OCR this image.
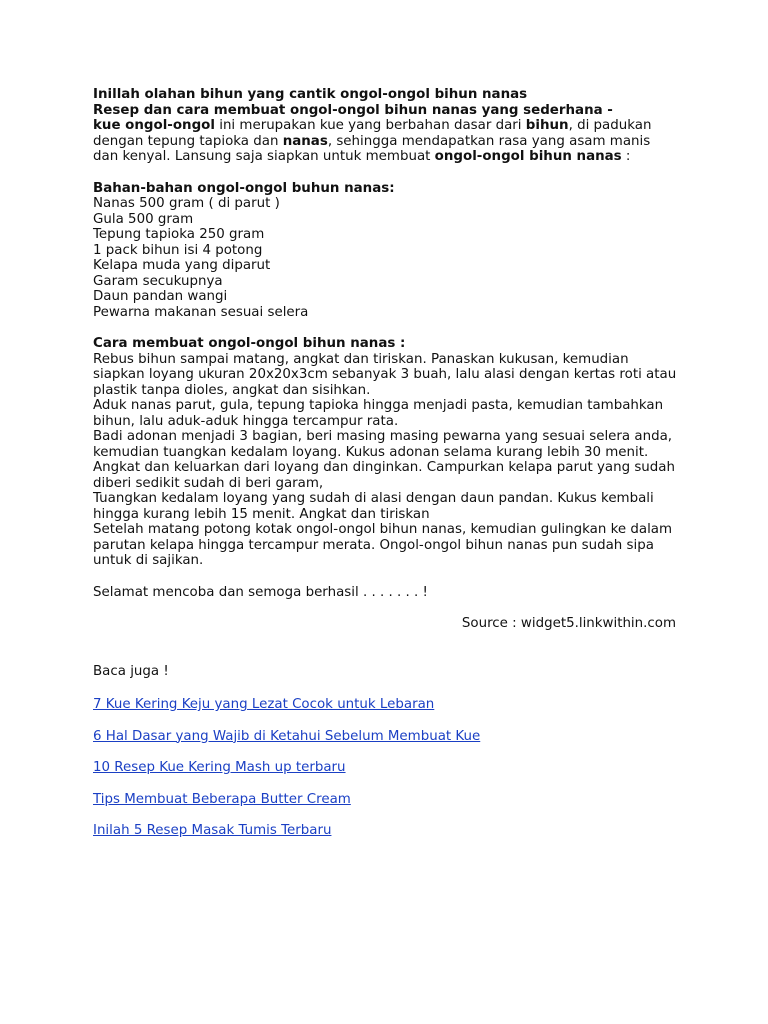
Inillah olahan bihun yang cantik ongol-ongol bihun nanas

Resep dan cara membuat ongol-ongol bihun nanas yang sederhana -

kue ongol-ongol ini merupakan kue yang berbahan dasar dari bihun, di padukan dengan tepung tapioka dan nanas, sehingga mendapatkan rasa yang asam manis dan kenyal. Lansung saja siapkan untuk membuat ongol-ongol bihun nanas :

Bahan-bahan ongol-ongol buhun nanas:

Nanas 500 gram ( di parut )

Gula 500 gram

Tepung tapioka 250 gram

1 pack bihun isi 4 potong

Kelapa muda yang diparut

Garam secukupnya

Daun pandan wangi

Pewarna makanan sesuai selera

Cara membuat ongol-ongol bihun nanas :

Rebus bihun sampai matang, angkat dan tiriskan. Panaskan kukusan, kemudian siapkan loyang ukuran 20x20x3cm sebanyak 3 buah, lalu alasi dengan kertas roti atau plastik tanpa dioles, angkat dan sisihkan.

Aduk nanas parut, gula, tepung tapioka hingga menjadi pasta, kemudian tambahkan bihun, lalu aduk-aduk hingga tercampur rata.

Badi adonan menjadi 3 bagian, beri masing masing pewarna yang sesuai selera anda, kemudian tuangkan kedalam loyang. Kukus adonan selama kurang lebih 30 menit. Angkat dan keluarkan dari loyang dan dinginkan. Campurkan kelapa parut yang sudah diberi sedikit sudah di beri garam,

Tuangkan kedalam loyang yang sudah di alasi dengan daun pandan. Kukus kembali hingga kurang lebih 15 menit. Angkat dan tiriskan

Setelah matang potong kotak ongol-ongol bihun nanas, kemudian gulingkan ke dalam parutan kelapa hingga tercampur merata. Ongol-ongol bihun nanas pun sudah sipa untuk di sajikan.

Selamat mencoba dan semoga berhasil . . . . . . . !

Source : widget5.linkwithin.com

Baca juga !

7 Kue Kering Keju yang Lezat Cocok untuk Lebaran
6 Hal Dasar yang Wajib di Ketahui Sebelum Membuat Kue
10 Resep Kue Kering Mash up terbaru
Tips Membuat Beberapa Butter Cream
Inilah 5 Resep Masak Tumis Terbaru
